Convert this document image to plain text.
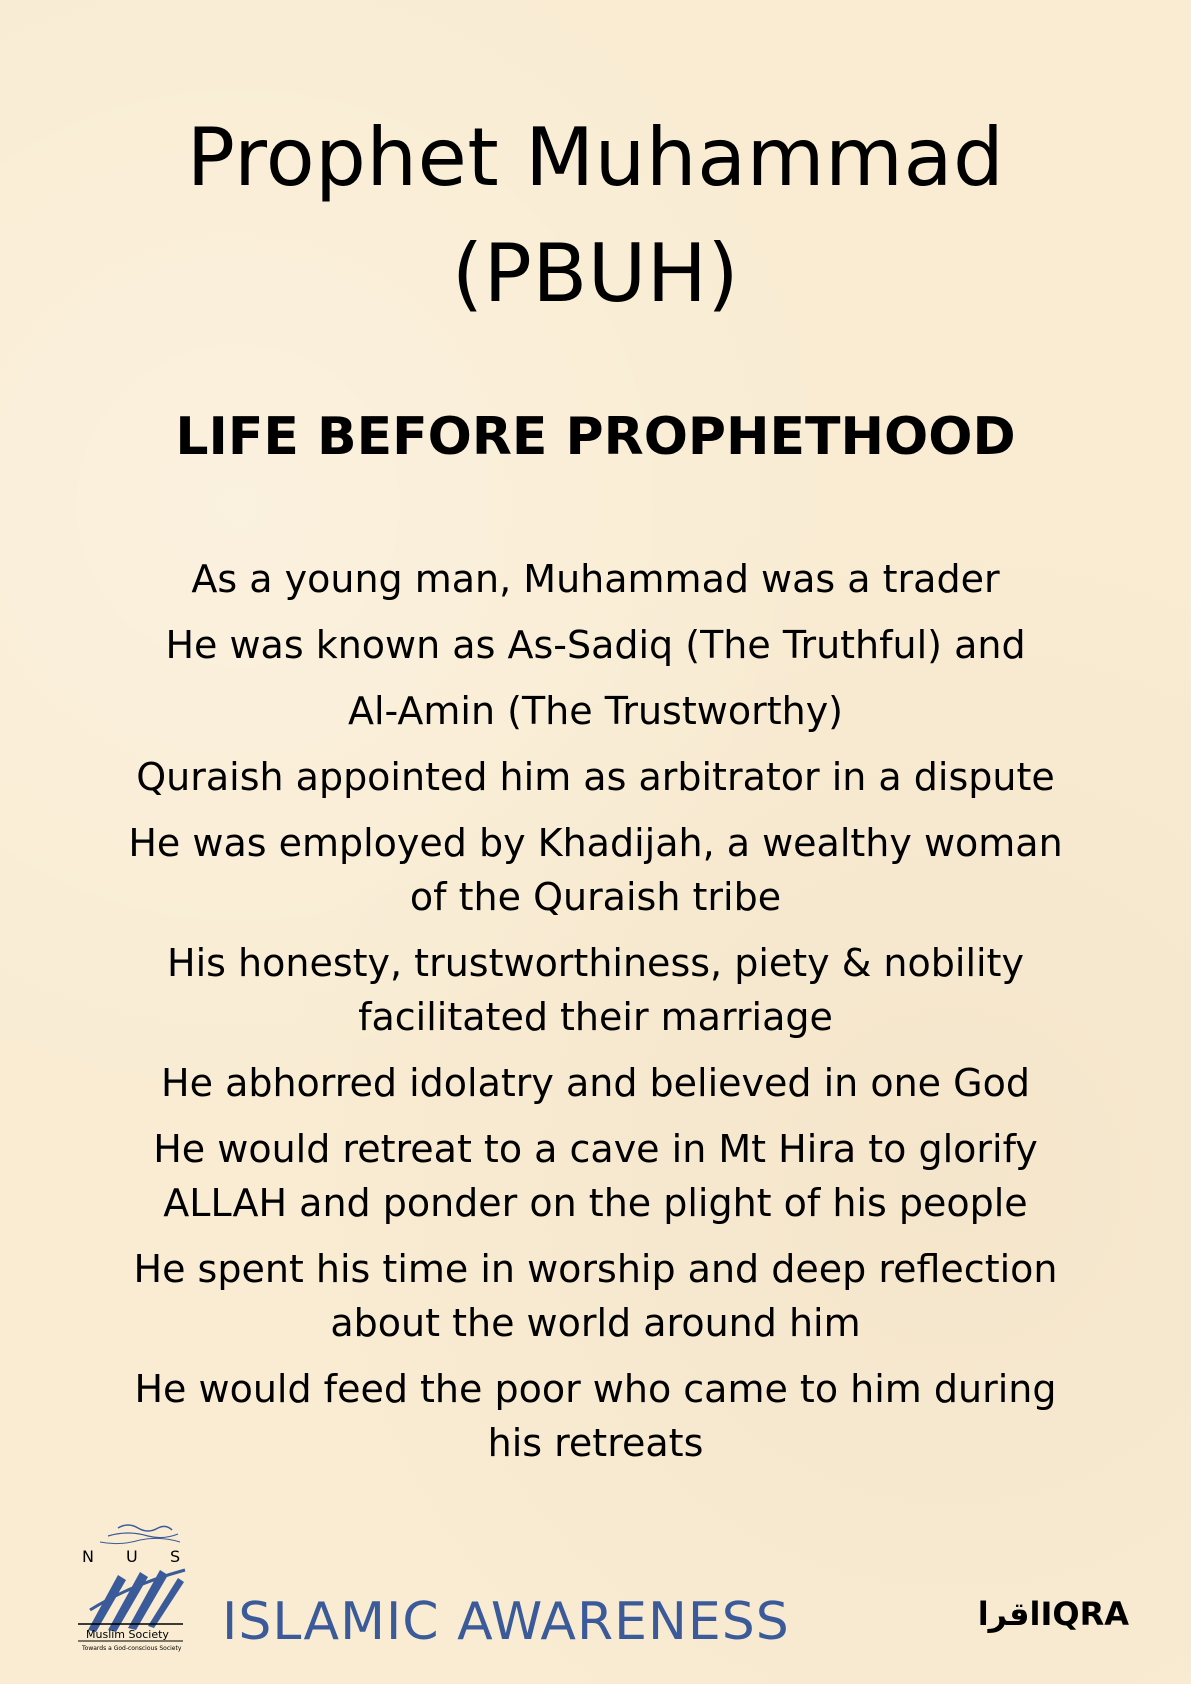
Prophet Muhammad
(PBUH)
LIFE BEFORE PROPHETHOOD
As a young man, Muhammad was a trader
He was known as As-Sadiq (The Truthful) and
Al-Amin (The Trustworthy)
Quraish appointed him as arbitrator in a dispute
He was employed by Khadijah, a wealthy woman
of the Quraish tribe
His honesty, trustworthiness, piety & nobility
facilitated their marriage
He abhorred idolatry and believed in one God
He would retreat to a cave in Mt Hira to glorify
ALLAH and ponder on the plight of his people
He spent his time in worship and deep reflection
about the world around him
He would feed the poor who came to him during
his retreats
N U S
Muslim Society
Towards a God-conscious Society ISLAMIC AWARENESS	اقراIQRA
